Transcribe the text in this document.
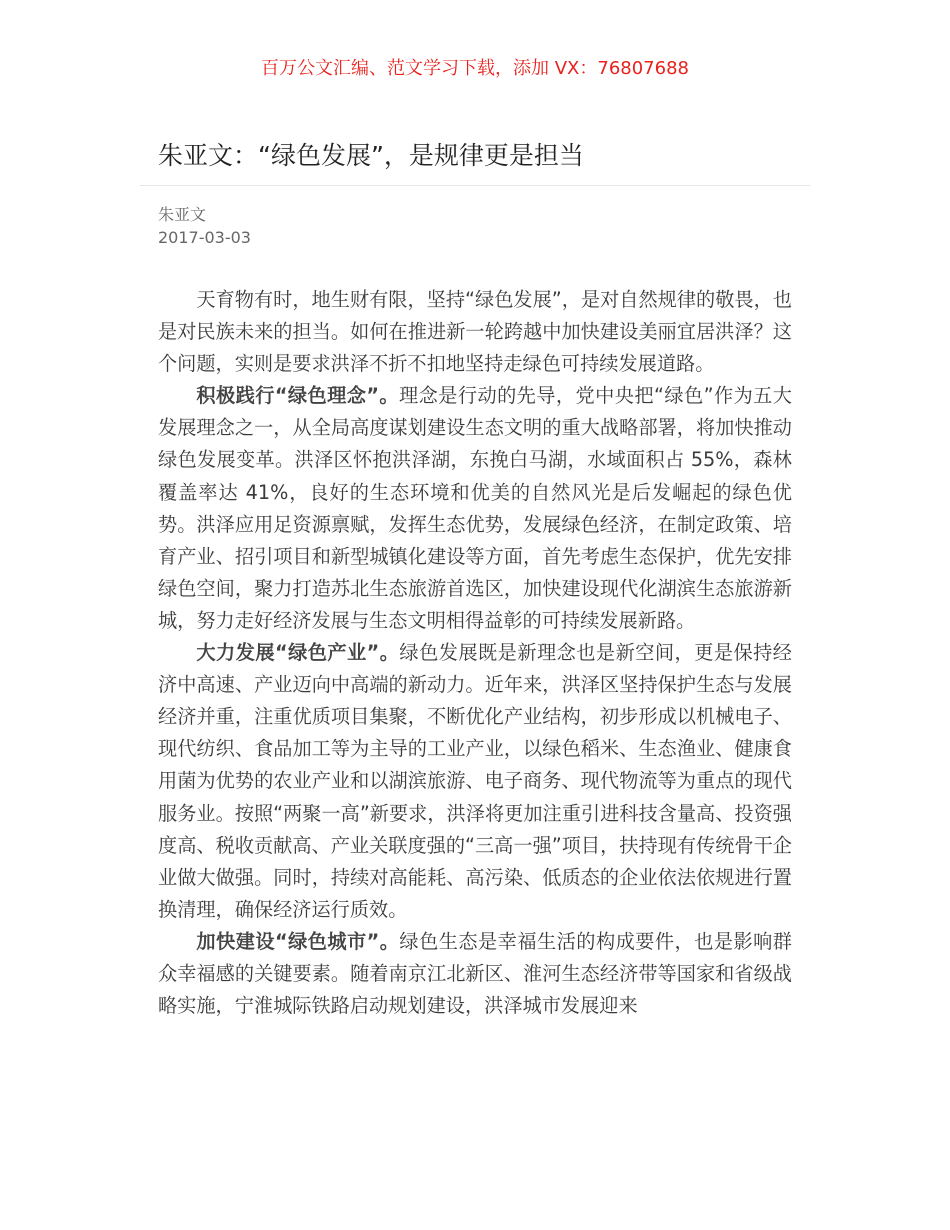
百万公文汇编、范文学习下载，添加 VX：76807688
朱亚文：“绿色发展”，是规律更是担当
朱亚文
2017-03-03

天育物有时，地生财有限，坚持“绿色发展”，是对自然规律的敬畏，也是对民族未来的担当。如何在推进新一轮跨越中加快建设美丽宜居洪泽？这个问题，实则是要求洪泽不折不扣地坚持走绿色可持续发展道路。

积极践行“绿色理念”。理念是行动的先导，党中央把“绿色”作为五大发展理念之一，从全局高度谋划建设生态文明的重大战略部署，将加快推动绿色发展变革。洪泽区怀抱洪泽湖，东挽白马湖，水域面积占 55%，森林覆盖率达 41%，良好的生态环境和优美的自然风光是后发崛起的绿色优势。洪泽应用足资源禀赋，发挥生态优势，发展绿色经济，在制定政策、培育产业、招引项目和新型城镇化建设等方面，首先考虑生态保护，优先安排绿色空间，聚力打造苏北生态旅游首选区，加快建设现代化湖滨生态旅游新城，努力走好经济发展与生态文明相得益彰的可持续发展新路。

大力发展“绿色产业”。绿色发展既是新理念也是新空间，更是保持经济中高速、产业迈向中高端的新动力。近年来，洪泽区坚持保护生态与发展经济并重，注重优质项目集聚，不断优化产业结构，初步形成以机械电子、现代纺织、食品加工等为主导的工业产业，以绿色稻米、生态渔业、健康食用菌为优势的农业产业和以湖滨旅游、电子商务、现代物流等为重点的现代服务业。按照“两聚一高”新要求，洪泽将更加注重引进科技含量高、投资强度高、税收贡献高、产业关联度强的“三高一强”项目，扶持现有传统骨干企业做大做强。同时，持续对高能耗、高污染、低质态的企业依法依规进行置换清理，确保经济运行质效。

加快建设“绿色城市”。绿色生态是幸福生活的构成要件，也是影响群众幸福感的关键要素。随着南京江北新区、淮河生态经济带等国家和省级战略实施，宁淮城际铁路启动规划建设，洪泽城市发展迎来
